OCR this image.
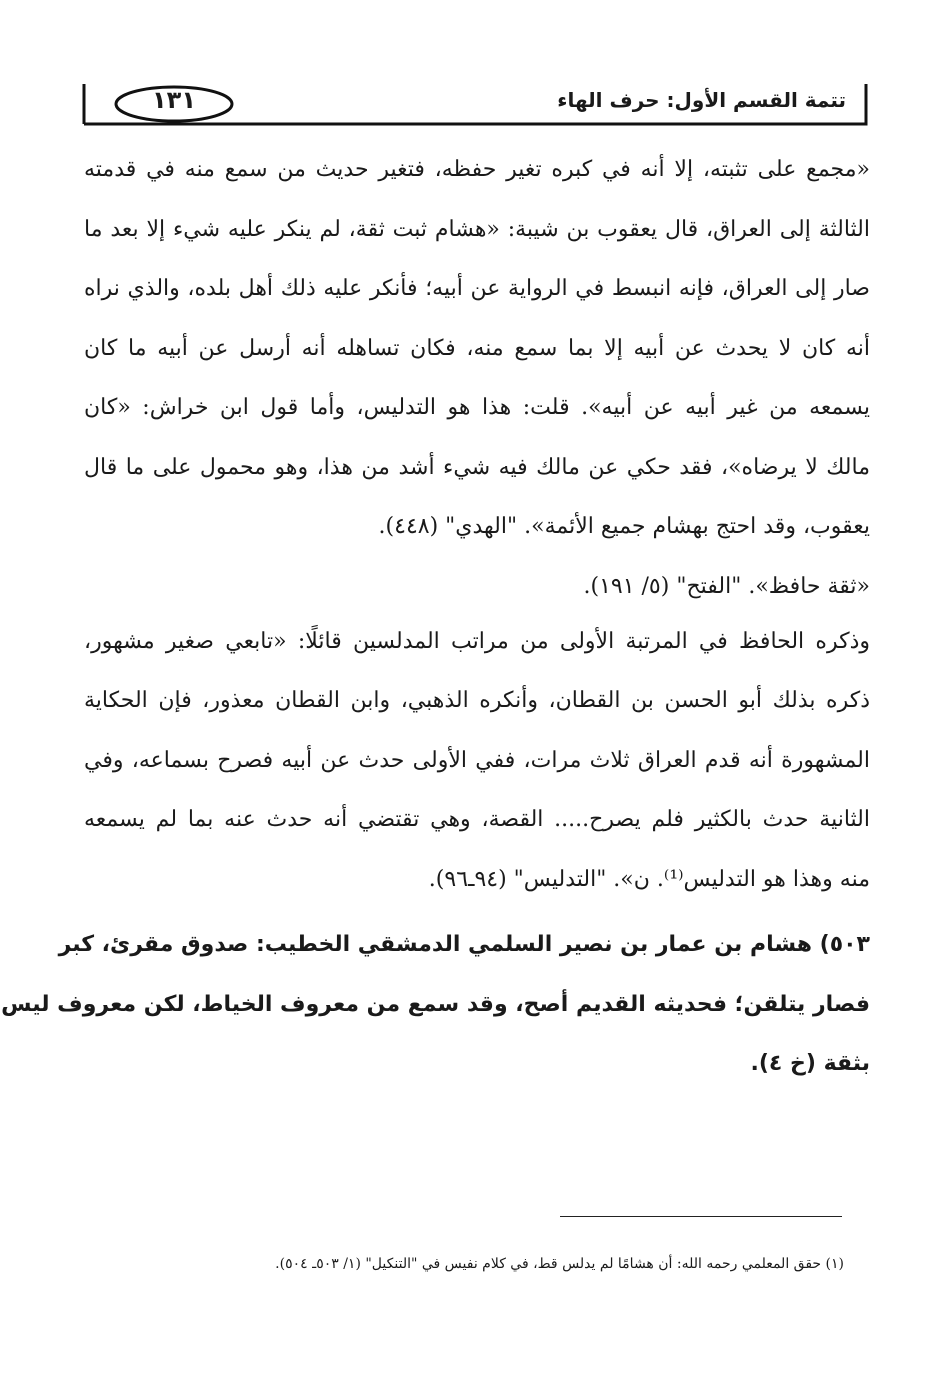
١٣١	تتمة القسم الأول: حرف الهاء
«مجمع على تثبته، إلا أنه في كبره تغير حفظه، فتغير حديث من سمع منه في قدمته
الثالثة إلى العراق، قال يعقوب بن شيبة: «هشام ثبت ثقة، لم ينكر عليه شيء إلا بعد ما
صار إلى العراق، فإنه انبسط في الرواية عن أبيه؛ فأنكر عليه ذلك أهل بلده، والذي نراه
أنه كان لا يحدث عن أبيه إلا بما سمع منه، فكان تساهله أنه أرسل عن أبيه ما كان
يسمعه من غير أبيه عن أبيه». قلت: هذا هو التدليس، وأما قول ابن خراش: «كان
مالك لا يرضاه»، فقد حكي عن مالك فيه شيء أشد من هذا، وهو محمول على ما قال
يعقوب، وقد احتج بهشام جميع الأئمة». "الهدي" (٤٤٨).
«ثقة حافظ». "الفتح" (٥/ ١٩١).
وذكره الحافظ في المرتبة الأولى من مراتب المدلسين قائلًا: «تابعي صغير مشهور،
ذكره بذلك أبو الحسن بن القطان، وأنكره الذهبي، وابن القطان معذور، فإن الحكاية
المشهورة أنه قدم العراق ثلاث مرات، ففي الأولى حدث عن أبيه فصرح بسماعه، وفي
الثانية حدث بالكثير فلم يصرح..... القصة، وهي تقتضي أنه حدث عنه بما لم يسمعه
منه وهذا هو التدليس⁽¹⁾. ن». "التدليس" (٩٤ـ٩٦).
٥٠٣) هشام بن عمار بن نصير السلمي الدمشقي الخطيب: صدوق مقرئ، كبر
فصار يتلقن؛ فحديثه القديم أصح، وقد سمع من معروف الخياط، لكن معروف ليس
بثقة (خ ٤).
(١) حقق المعلمي رحمه الله: أن هشامًا لم يدلس قط، في كلام نفيس في "التنكيل" (١/ ٥٠٣ـ ٥٠٤).
